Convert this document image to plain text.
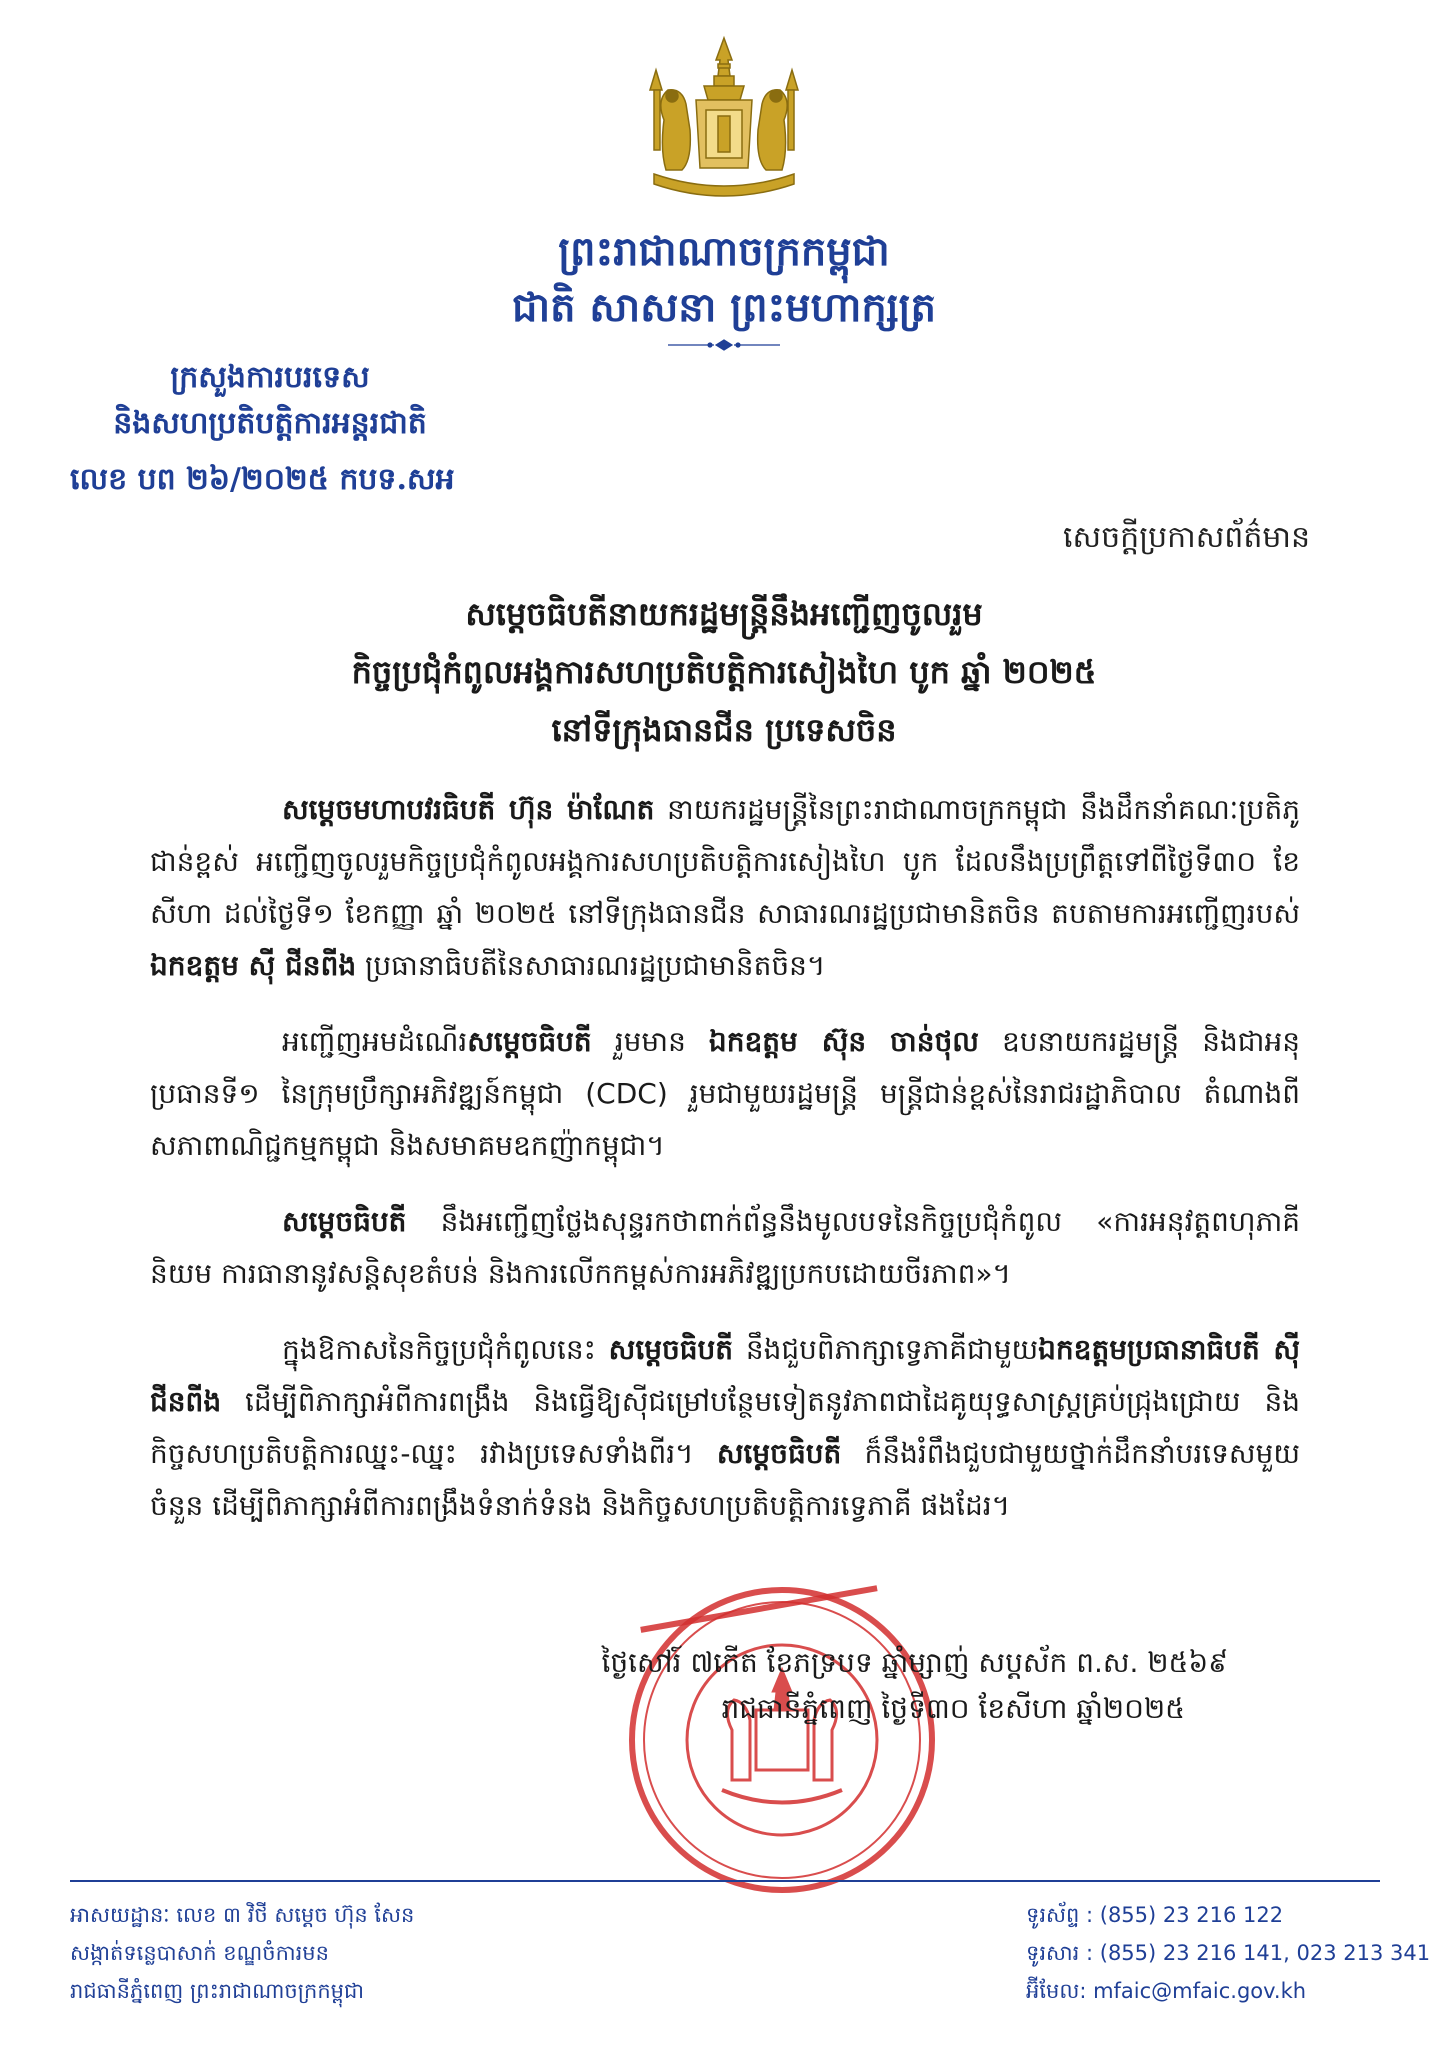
ព្រះរាជាណាចក្រកម្ពុជា
ជាតិ សាសនា ព្រះមហាក្សត្រ
ក្រសួងការបរទេស
និងសហប្រតិបត្តិការអន្តរជាតិ
លេខ បព ២៦/២០២៥ កបទ.សអ
សេចក្តីប្រកាសព័ត៌មាន
សម្តេចធិបតីនាយករដ្ឋមន្ត្រីនឹងអញ្ជើញចូលរួម
កិច្ចប្រជុំកំពូលអង្គការសហប្រតិបត្តិការសៀងហៃ បូក ឆ្នាំ ២០២៥
នៅទីក្រុងធានជីន ប្រទេសចិន

សម្តេចមហាបវរធិបតី ហ៊ុន ម៉ាណែត នាយករដ្ឋមន្ត្រីនៃព្រះរាជាណាចក្រកម្ពុជា នឹងដឹកនាំគណៈប្រតិភូជាន់ខ្ពស់ អញ្ជើញចូលរួមកិច្ចប្រជុំកំពូលអង្គការសហប្រតិបត្តិការសៀងហៃ បូក ដែលនឹងប្រព្រឹត្តទៅពីថ្ងៃទី៣០ ខែសីហា ដល់ថ្ងៃទី១ ខែកញ្ញា ឆ្នាំ ២០២៥ នៅទីក្រុងធានជីន សាធារណរដ្ឋប្រជាមានិតចិន តបតាមការអញ្ជើញរបស់ ឯកឧត្តម ស៊ី ជីនពីង ប្រធានាធិបតីនៃសាធារណរដ្ឋប្រជាមានិតចិន។

អញ្ជើញអមដំណើរសម្តេចធិបតី រួមមាន ឯកឧត្តម ស៊ុន ចាន់ថុល ឧបនាយករដ្ឋមន្ត្រី និងជាអនុប្រធានទី១ នៃក្រុមប្រឹក្សាអភិវឌ្ឍន៍កម្ពុជា (CDC) រួមជាមួយរដ្ឋមន្ត្រី មន្ត្រីជាន់ខ្ពស់នៃរាជរដ្ឋាភិបាល តំណាងពីសភាពាណិជ្ជកម្មកម្ពុជា និងសមាគមឧកញ៉ាកម្ពុជា។

សម្តេចធិបតី នឹងអញ្ជើញថ្លែងសុន្ទរកថាពាក់ព័ន្ធនឹងមូលបទនៃកិច្ចប្រជុំកំពូល «ការអនុវត្តពហុភាគីនិយម ការធានានូវសន្តិសុខតំបន់ និងការលើកកម្ពស់ការអភិវឌ្ឍប្រកបដោយចីរភាព»។

ក្នុងឱកាសនៃកិច្ចប្រជុំកំពូលនេះ សម្តេចធិបតី នឹងជួបពិភាក្សាទ្វេភាគីជាមួយឯកឧត្តមប្រធានាធិបតី ស៊ី ជីនពីង ដើម្បីពិភាក្សាអំពីការពង្រឹង និងធ្វើឱ្យស៊ីជម្រៅបន្ថែមទៀតនូវភាពជាដៃគូយុទ្ធសាស្ត្រគ្រប់ជ្រុងជ្រោយ និងកិច្ចសហប្រតិបត្តិការឈ្នះ-ឈ្នះ រវាងប្រទេសទាំងពីរ។ សម្តេចធិបតី ក៏នឹងរំពឹងជួបជាមួយថ្នាក់ដឹកនាំបរទេសមួយចំនួន ដើម្បីពិភាក្សាអំពីការពង្រឹងទំនាក់ទំនង និងកិច្ចសហប្រតិបត្តិការទ្វេភាគី ផងដែរ។

ថ្ងៃសៅរ៍ ៧កើត ខែភទ្របទ ឆ្នាំម្សាញ់ សប្តស័ក ព.ស. ២៥៦៩
រាជធានីភ្នំពេញ ថ្ងៃទី៣០ ខែសីហា ឆ្នាំ២០២៥
អាសយដ្ឋានៈ លេខ ៣ វិថី សម្តេច ហ៊ុន សែន
សង្កាត់ទន្លេបាសាក់ ខណ្ឌចំការមន
រាជធានីភ្នំពេញ ព្រះរាជាណាចក្រកម្ពុជា
ទូរស័ព្ទ : (855) 23 216 122
ទូរសារ : (855) 23 216 141, 023 213 341
អ៊ីមែល: mfaic@mfaic.gov.kh
